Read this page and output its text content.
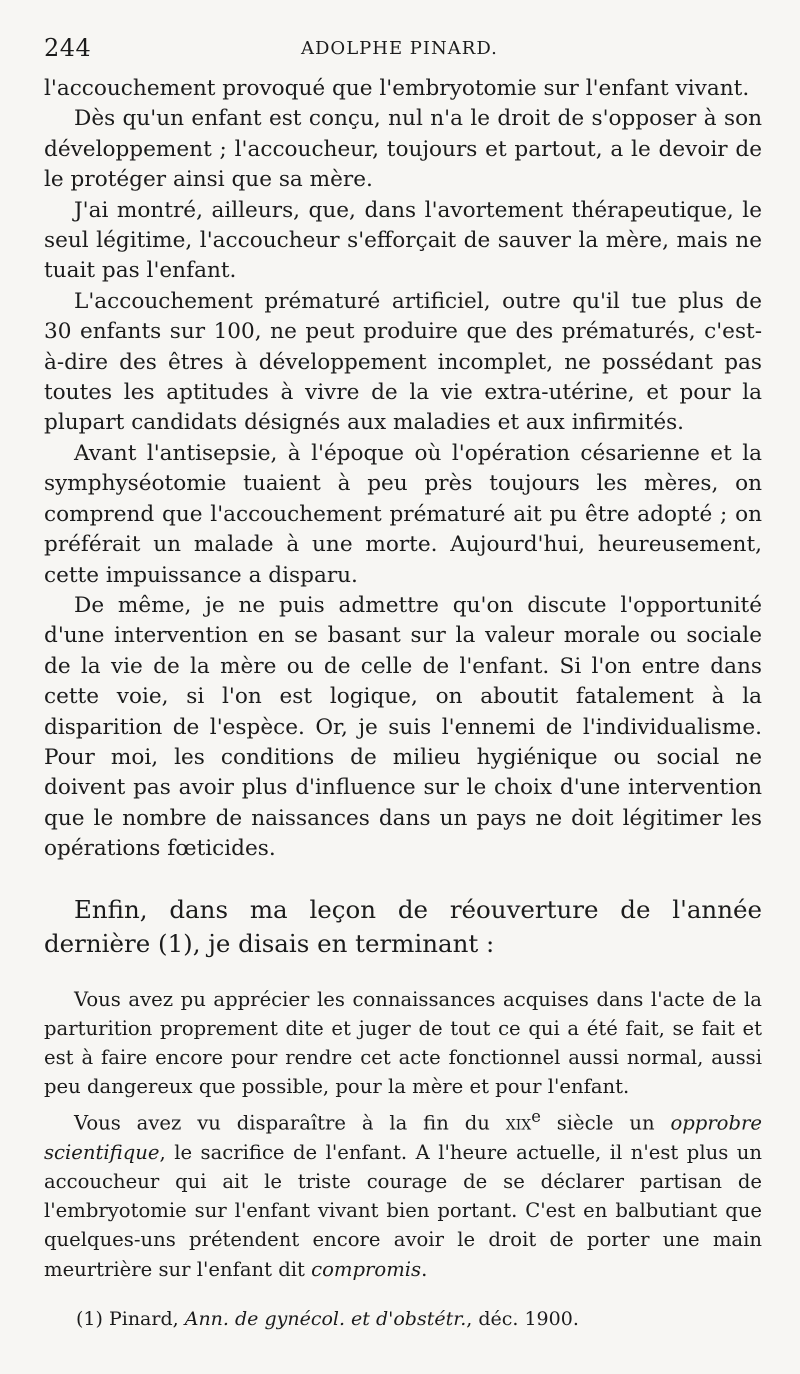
244	ADOLPHE PINARD.

l'accouchement provoqué que l'embryotomie sur l'enfant vivant.

Dès qu'un enfant est conçu, nul n'a le droit de s'opposer à son développement ; l'accoucheur, toujours et partout, a le devoir de le protéger ainsi que sa mère.

J'ai montré, ailleurs, que, dans l'avortement thérapeutique, le seul légitime, l'accoucheur s'efforçait de sauver la mère, mais ne tuait pas l'enfant.

L'accouchement prématuré artificiel, outre qu'il tue plus de 30 enfants sur 100, ne peut produire que des prématurés, c'est-à-dire des êtres à développement incomplet, ne possédant pas toutes les aptitudes à vivre de la vie extra-utérine, et pour la plupart candidats désignés aux maladies et aux infirmités.

Avant l'antisepsie, à l'époque où l'opération césarienne et la symphyséotomie tuaient à peu près toujours les mères, on comprend que l'accouchement prématuré ait pu être adopté ; on préférait un malade à une morte. Aujourd'hui, heureusement, cette impuissance a disparu.

De même, je ne puis admettre qu'on discute l'opportunité d'une intervention en se basant sur la valeur morale ou sociale de la vie de la mère ou de celle de l'enfant. Si l'on entre dans cette voie, si l'on est logique, on aboutit fatalement à la disparition de l'espèce. Or, je suis l'ennemi de l'individualisme. Pour moi, les conditions de milieu hygiénique ou social ne doivent pas avoir plus d'influence sur le choix d'une intervention que le nombre de naissances dans un pays ne doit légitimer les opérations fœticides.

Enfin, dans ma leçon de réouverture de l'année dernière (1), je disais en terminant :

Vous avez pu apprécier les connaissances acquises dans l'acte de la parturition proprement dite et juger de tout ce qui a été fait, se fait et est à faire encore pour rendre cet acte fonctionnel aussi normal, aussi peu dangereux que possible, pour la mère et pour l'enfant.

Vous avez vu disparaître à la fin du xix$^e$ siècle un opprobre scientifique, le sacrifice de l'enfant. A l'heure actuelle, il n'est plus un accoucheur qui ait le triste courage de se déclarer partisan de l'embryotomie sur l'enfant vivant bien portant. C'est en balbutiant que quelques-uns prétendent encore avoir le droit de porter une main meurtrière sur l'enfant dit compromis.

(1) Pinard, Ann. de gynécol. et d'obstétr., déc. 1900.
